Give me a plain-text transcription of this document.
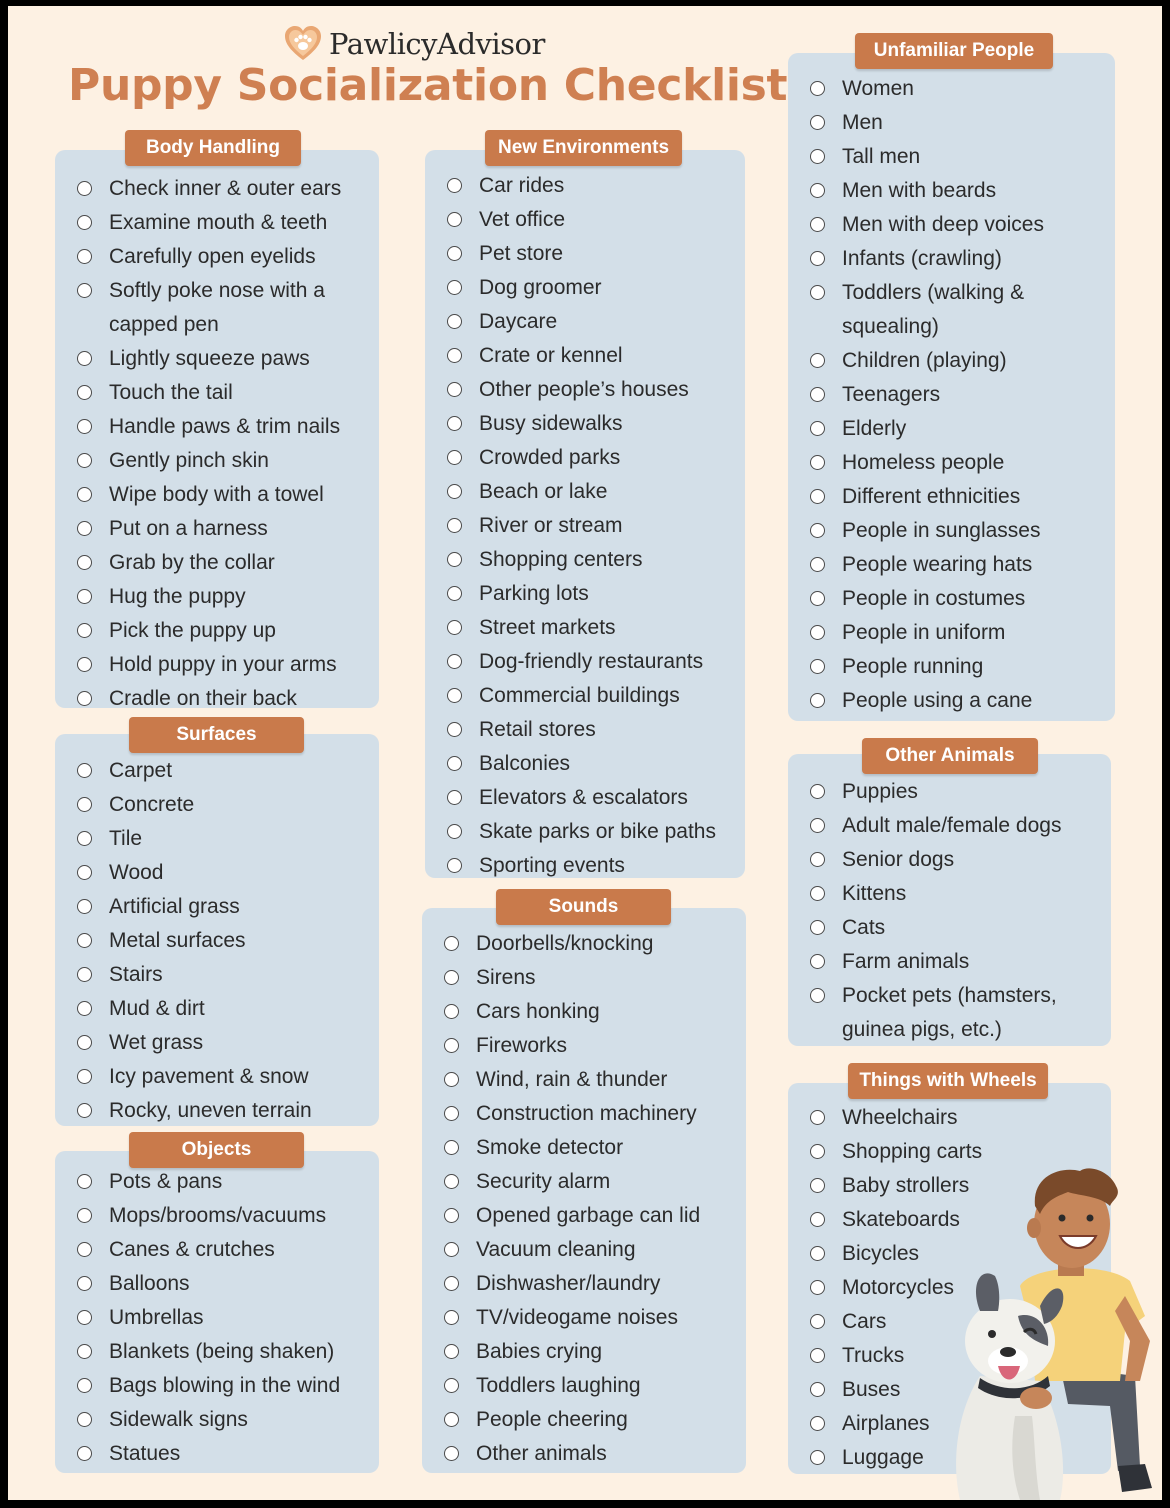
PawlicyAdvisor
Puppy Socialization Checklist
Check inner & outer ears
Examine mouth & teeth
Carefully open eyelids
Softly poke nose with a
capped pen
Lightly squeeze paws
Touch the tail
Handle paws & trim nails
Gently pinch skin
Wipe body with a towel
Put on a harness
Grab by the collar
Hug the puppy
Pick the puppy up
Hold puppy in your arms
Cradle on their back
Body Handling
Carpet
Concrete
Tile
Wood
Artificial grass
Metal surfaces
Stairs
Mud & dirt
Wet grass
Icy pavement & snow
Rocky, uneven terrain
Surfaces
Pots & pans
Mops/brooms/vacuums
Canes & crutches
Balloons
Umbrellas
Blankets (being shaken)
Bags blowing in the wind
Sidewalk signs
Statues
Objects
Car rides
Vet office
Pet store
Dog groomer
Daycare
Crate or kennel
Other people’s houses
Busy sidewalks
Crowded parks
Beach or lake
River or stream
Shopping centers
Parking lots
Street markets
Dog-friendly restaurants
Commercial buildings
Retail stores
Balconies
Elevators & escalators
Skate parks or bike paths
Sporting events
New Environments
Doorbells/knocking
Sirens
Cars honking
Fireworks
Wind, rain & thunder
Construction machinery
Smoke detector
Security alarm
Opened garbage can lid
Vacuum cleaning
Dishwasher/laundry
TV/videogame noises
Babies crying
Toddlers laughing
People cheering
Other animals
Sounds
Women
Men
Tall men
Men with beards
Men with deep voices
Infants (crawling)
Toddlers (walking &
squealing)
Children (playing)
Teenagers
Elderly
Homeless people
Different ethnicities
People in sunglasses
People wearing hats
People in costumes
People in uniform
People running
People using a cane
Unfamiliar People
Puppies
Adult male/female dogs
Senior dogs
Kittens
Cats
Farm animals
Pocket pets (hamsters,
guinea pigs, etc.)
Other Animals
Wheelchairs
Shopping carts
Baby strollers
Skateboards
Bicycles
Motorcycles
Cars
Trucks
Buses
Airplanes
Luggage
Things with Wheels
